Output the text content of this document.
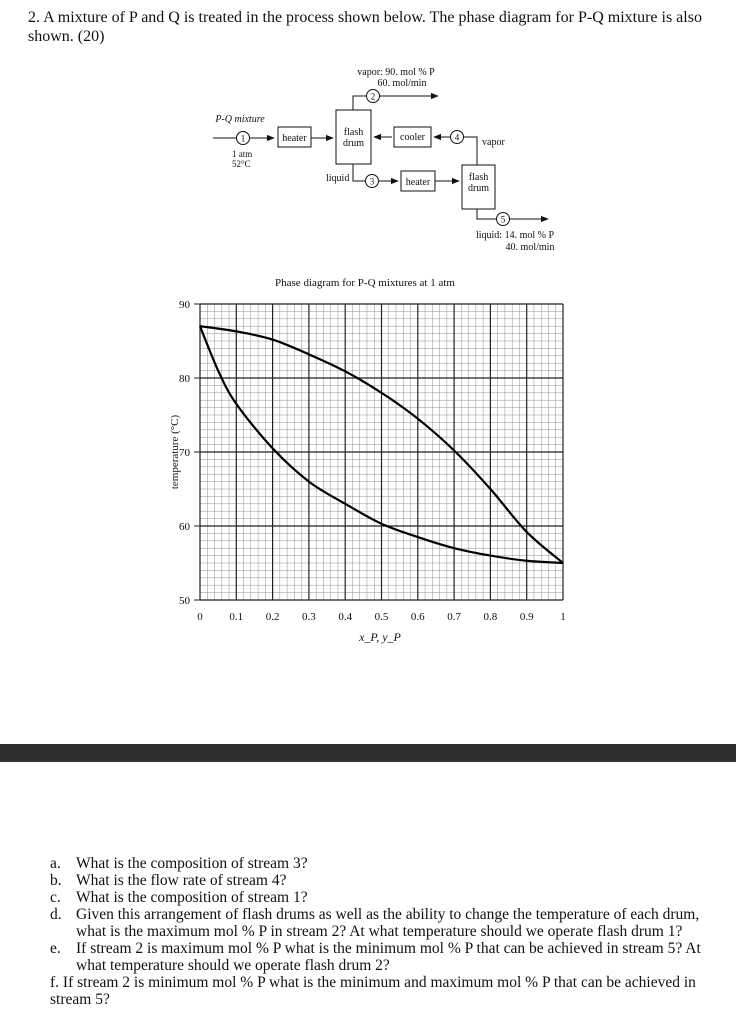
2. A mixture of P and Q is treated in the process shown below. The phase diagram for P-Q mixture is also shown. (20)
vapor: 90. mol % P
60. mol/min
P-Q mixture
1 atm
52°C
heater
flash
drum
cooler	vapor
liquid	heater	flash
drum
liquid: 14. mol % P
40. mol/min
1
2
3
4
5
Phase diagram for P-Q mixtures at 1 atm
0 0.1 0.2 0.3 0.4 0.5 0.6 0.7 0.8 0.9 1
50
60
70
80
90
temperature (°C)
x_P, y_P
a. What is the composition of stream 3?
b. What is the flow rate of stream 4?
c. What is the composition of stream 1?
d. Given this arrangement of flash drums as well as the ability to change the temperature of each drum, what is the maximum mol % P in stream 2? At what temperature should we operate flash drum 1?
e. If stream 2 is maximum mol % P what is the minimum mol % P that can be achieved in stream 5? At what temperature should we operate flash drum 2?
f. If stream 2 is minimum mol % P what is the minimum and maximum mol % P that can be achieved in stream 5?
